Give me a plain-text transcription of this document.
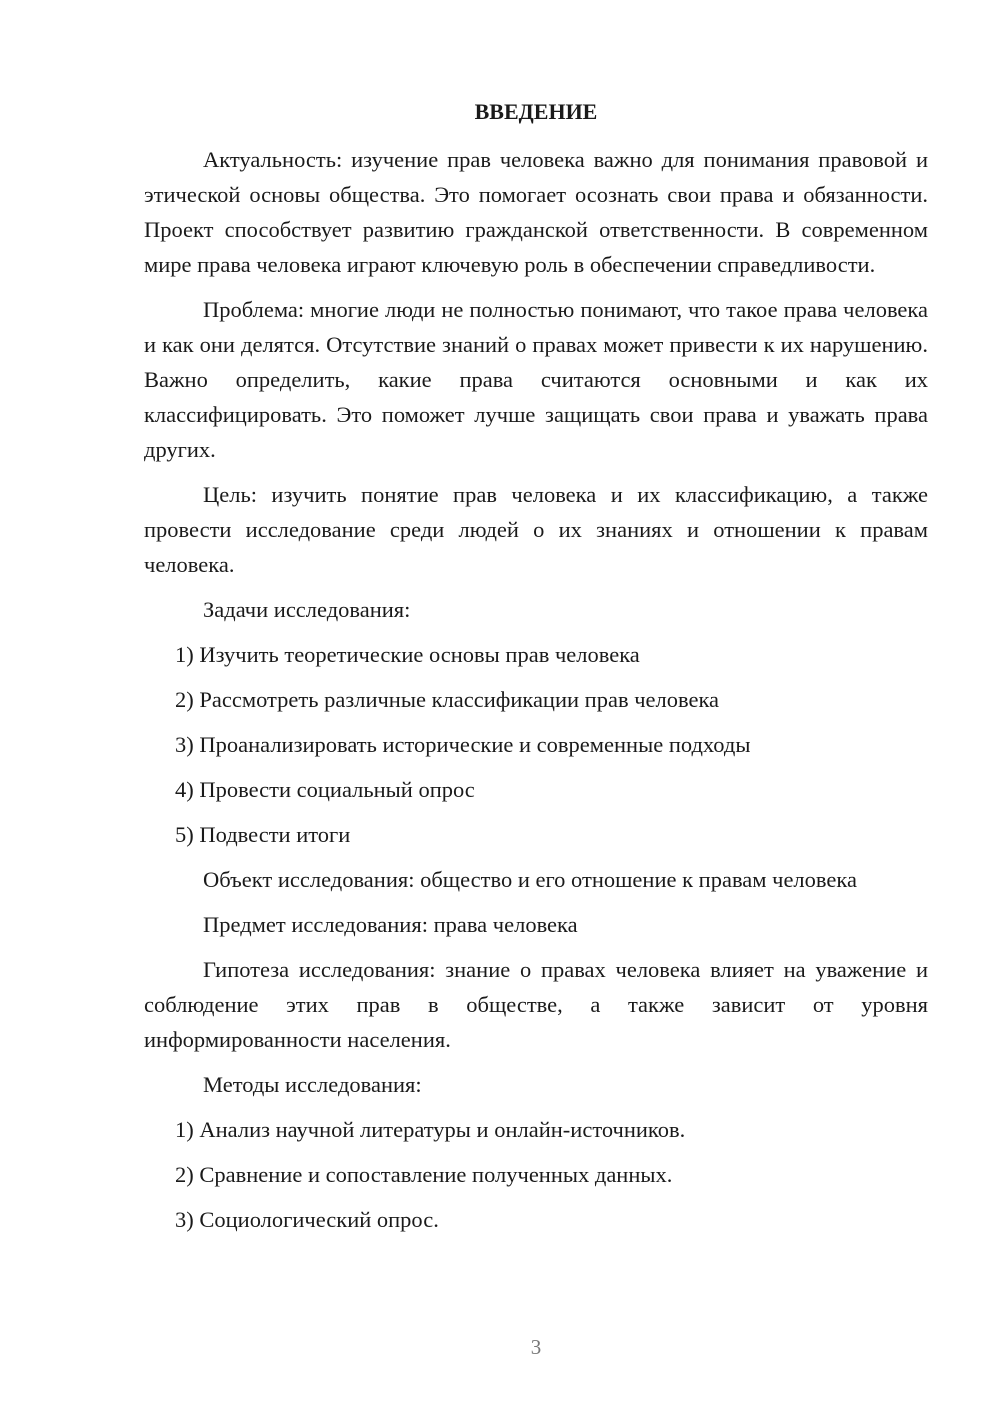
ВВЕДЕНИЕ

Актуальность: изучение прав человека важно для понимания правовой и этической основы общества. Это помогает осознать свои права и обязанности. Проект способствует развитию гражданской ответственности. В современном мире права человека играют ключевую роль в обеспечении справедливости.

Проблема: многие люди не полностью понимают, что такое права человека и как они делятся. Отсутствие знаний о правах может привести к их нарушению. Важно определить, какие права считаются основными и как их классифицировать. Это поможет лучше защищать свои права и уважать права других.

Цель: изучить понятие прав человека и их классификацию, а также провести исследование среди людей о их знаниях и отношении к правам человека.

Задачи исследования:

1) Изучить теоретические основы прав человека

2) Рассмотреть различные классификации прав человека

3) Проанализировать исторические и современные подходы

4) Провести социальный опрос

5) Подвести итоги

Объект исследования: общество и его отношение к правам человека

Предмет исследования: права человека

Гипотеза исследования: знание о правах человека влияет на уважение и соблюдение этих прав в обществе, а также зависит от уровня информированности населения.

Методы исследования:

1) Анализ научной литературы и онлайн-источников.

2) Сравнение и сопоставление полученных данных.

3) Социологический опрос.

3
